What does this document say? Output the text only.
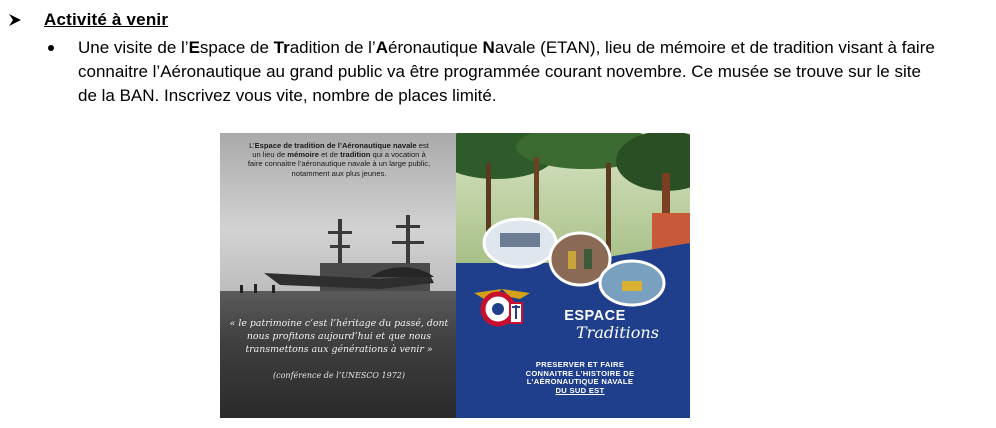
Activité à venir
Une visite de l’Espace de Tradition de l’Aéronautique Navale (ETAN), lieu de mémoire et de tradition visant à faire connaitre l’Aéronautique au grand public va être programmée courant novembre. Ce musée se trouve sur le site de la BAN. Inscrivez vous vite, nombre de places limité.
L’Espace de tradition de l’Aéronautique navale est un lieu de mémoire et de tradition qui a vocation à faire connaitre l’aéronautique navale à un large public, notamment aux plus jeunes.
« le patrimoine c’est l’héritage du passé, dont nous profitons aujourd’hui et que nous transmettons aux générations à venir »
(conférence de l’UNESCO 1972)
ESPACE
Traditions
PRESERVER ET FAIRE
CONNAITRE L’HISTOIRE DE
L’AÉRONAUTIQUE NAVALE
DU SUD EST
